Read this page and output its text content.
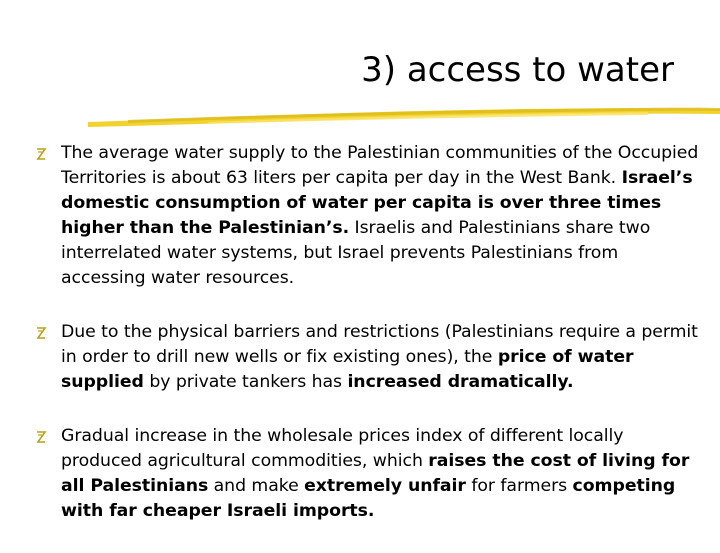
3) access to water
The average water supply to the Palestinian communities of the Occupied Territories is about 63 liters per capita per day in the West Bank. Israel’s domestic consumption of water per capita is over three times higher than the Palestinian’s. Israelis and Palestinians share two interrelated water systems, but Israel prevents Palestinians from accessing water resources.
Due to the physical barriers and restrictions (Palestinians require a permit in order to drill new wells or fix existing ones), the price of water supplied by private tankers has increased dramatically.
Gradual increase in the wholesale prices index of different locally produced agricultural commodities, which raises the cost of living for all Palestinians and make extremely unfair for farmers competing with far cheaper Israeli imports.
